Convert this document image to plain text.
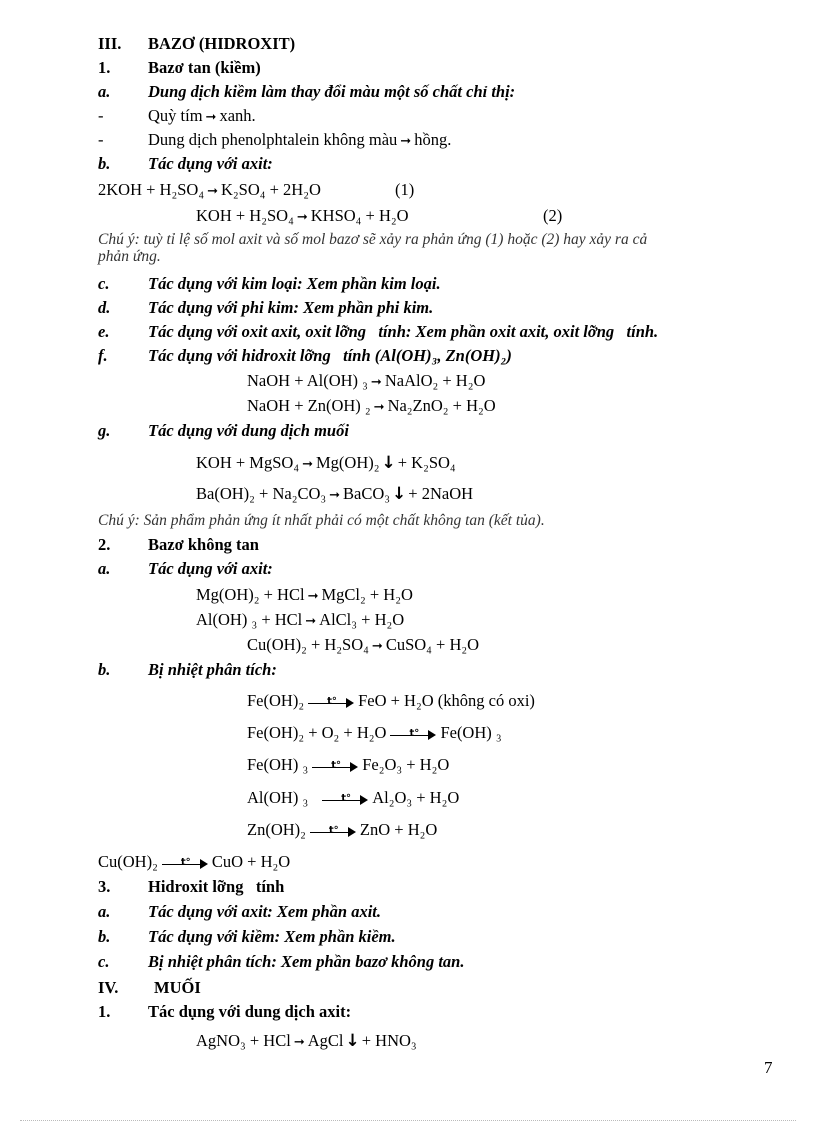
III. BAZƠ (HIDROXIT)
1. Bazơ tan (kiềm)
a. Dung dịch kiềm làm thay đổi màu một số chất chỉ thị:
-	Quỳ tím ➞ xanh.
-	Dung dịch phenolphtalein không màu ➞ hồng.
b. Tác dụng với axit:
2KOH + H₂SO₄ ➞ K₂SO₄ + 2H₂O	(1)
KOH + H₂SO₄ ➞ KHSO₄ + H₂O	(2)
Chú ý: tuỳ tỉ lệ số mol axit và số mol bazơ sẽ xảy ra phản ứng (1) hoặc (2) hay xảy ra cả
phản ứng.
c. Tác dụng với kim loại: Xem phần kim loại.
d. Tác dụng với phi kim: Xem phần phi kim.
e. Tác dụng với oxit axit, oxit lỡng   tính: Xem phần oxit axit, oxit lỡng   tính.
f. Tác dụng với hidroxit lỡng   tính (Al(OH)₃, Zn(OH)₂)
NaOH + Al(OH) ₃ ➞ NaAlO₂ + H₂O
NaOH + Zn(OH) ₂ ➞ Na₂ZnO₂ + H₂O
g. Tác dụng với dung dịch muối
KOH + MgSO₄ ➞ Mg(OH)₂ ↓ + K₂SO₄
Ba(OH)₂ + Na₂CO₃ ➞ BaCO₃ ↓ + 2NaOH
Chú ý: Sản phẩm phản ứng ít nhất phải có một chất không tan (kết tủa).
2. Bazơ không tan
a. Tác dụng với axit:
Mg(OH)₂ + HCl ➞ MgCl₂ + H₂O
Al(OH) ₃ + HCl ➞ AlCl₃ + H₂O
Cu(OH)₂ + H₂SO₄ ➞ CuSO₄ + H₂O
b. Bị nhiệt phân tích:
Fe(OH)₂ t° FeO + H₂O (không có oxi)
Fe(OH)₂ + O₂ + H₂O t° Fe(OH) ₃
Fe(OH) ₃ t° Fe₂O₃ + H₂O
Al(OH) ₃	t° Al₂O₃ + H₂O
Zn(OH)₂ t° ZnO + H₂O
Cu(OH)₂ t° CuO + H₂O
3. Hidroxit lỡng   tính
a. Tác dụng với axit: Xem phần axit.
b. Tác dụng với kiềm: Xem phần kiềm.
c. Bị nhiệt phân tích: Xem phần bazơ không tan.
IV. MUỐI
1. Tác dụng với dung dịch axit:
AgNO₃ + HCl ➞ AgCl ↓ + HNO₃
7
